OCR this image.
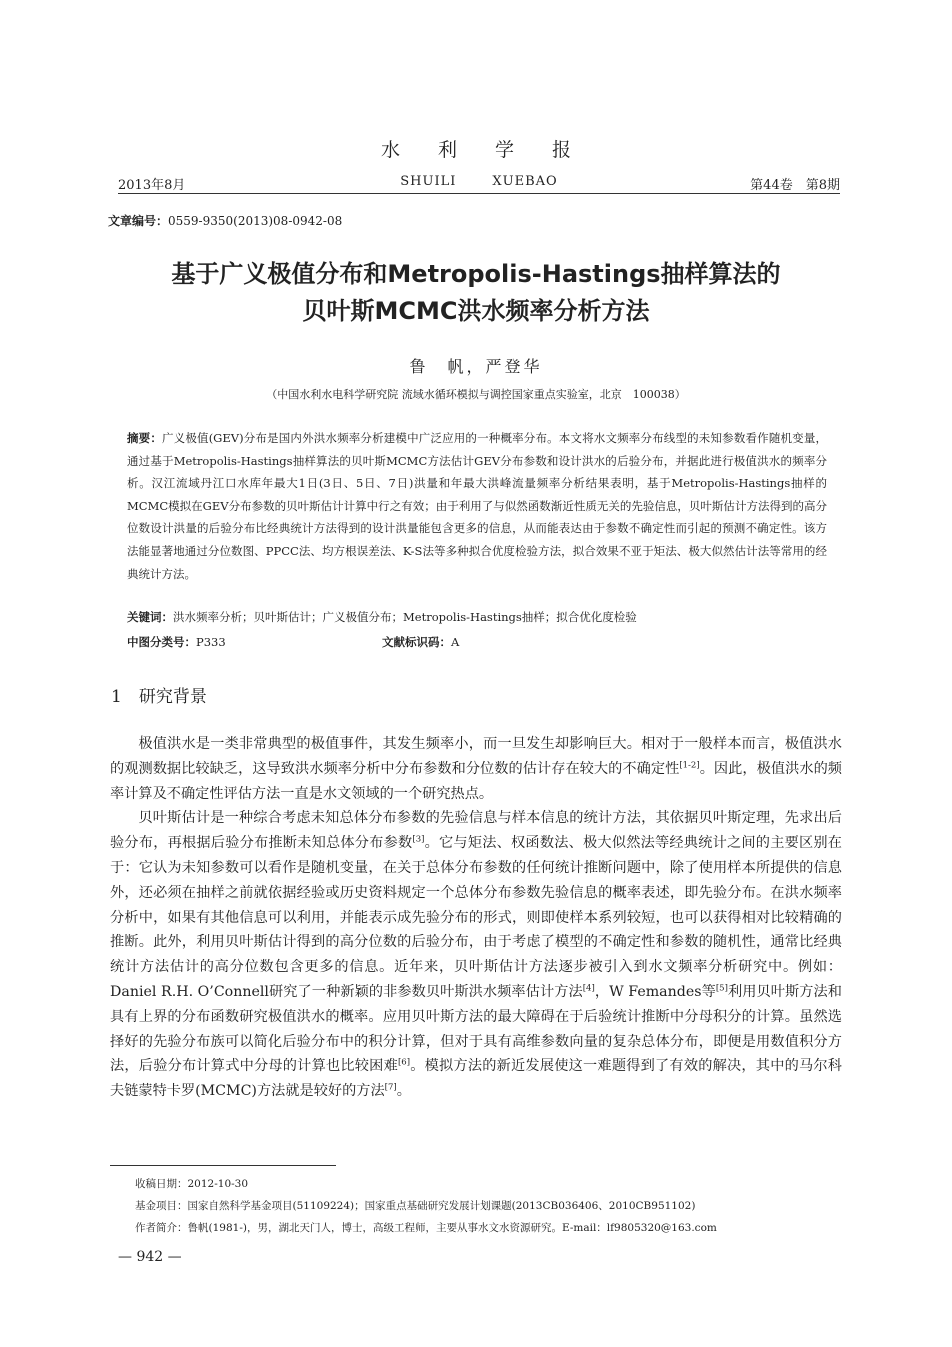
水利学报
2013年8月	SHUILI	XUEBAO	第44卷　第8期
文章编号：0559-9350(2013)08-0942-08
基于广义极值分布和Metropolis-Hastings抽样算法的
贝叶斯MCMC洪水频率分析方法
鲁　帆，严登华
（中国水利水电科学研究院 流域水循环模拟与调控国家重点实验室，北京　100038）
摘要：广义极值(GEV)分布是国内外洪水频率分析建模中广泛应用的一种概率分布。本文将水文频率分布线型的未知参数看作随机变量，通过基于Metropolis-Hastings抽样算法的贝叶斯MCMC方法估计GEV分布参数和设计洪水的后验分布，并据此进行极值洪水的频率分析。汉江流域丹江口水库年最大1日(3日、5日、7日)洪量和年最大洪峰流量频率分析结果表明，基于Metropolis-Hastings抽样的MCMC模拟在GEV分布参数的贝叶斯估计计算中行之有效；由于利用了与似然函数渐近性质无关的先验信息，贝叶斯估计方法得到的高分位数设计洪量的后验分布比经典统计方法得到的设计洪量能包含更多的信息，从而能表达由于参数不确定性而引起的预测不确定性。该方法能显著地通过分位数图、PPCC法、均方根误差法、K-S法等多种拟合优度检验方法，拟合效果不亚于矩法、极大似然估计法等常用的经典统计方法。
关键词：洪水频率分析；贝叶斯估计；广义极值分布；Metropolis-Hastings抽样；拟合优化度检验
中图分类号：P333	文献标识码：A
1　研究背景

极值洪水是一类非常典型的极值事件，其发生频率小，而一旦发生却影响巨大。相对于一般样本而言，极值洪水的观测数据比较缺乏，这导致洪水频率分析中分布参数和分位数的估计存在较大的不确定性[1-2]。因此，极值洪水的频率计算及不确定性评估方法一直是水文领域的一个研究热点。

贝叶斯估计是一种综合考虑未知总体分布参数的先验信息与样本信息的统计方法，其依据贝叶斯定理，先求出后验分布，再根据后验分布推断未知总体分布参数[3]。它与矩法、权函数法、极大似然法等经典统计之间的主要区别在于：它认为未知参数可以看作是随机变量，在关于总体分布参数的任何统计推断问题中，除了使用样本所提供的信息外，还必须在抽样之前就依据经验或历史资料规定一个总体分布参数先验信息的概率表述，即先验分布。在洪水频率分析中，如果有其他信息可以利用，并能表示成先验分布的形式，则即使样本系列较短，也可以获得相对比较精确的推断。此外，利用贝叶斯估计得到的高分位数的后验分布，由于考虑了模型的不确定性和参数的随机性，通常比经典统计方法估计的高分位数包含更多的信息。近年来，贝叶斯估计方法逐步被引入到水文频率分析研究中。例如：Daniel R.H. O’Connell研究了一种新颖的非参数贝叶斯洪水频率估计方法[4]，W Femandes等[5]利用贝叶斯方法和具有上界的分布函数研究极值洪水的概率。应用贝叶斯方法的最大障碍在于后验统计推断中分母积分的计算。虽然选择好的先验分布族可以简化后验分布中的积分计算，但对于具有高维参数向量的复杂总体分布，即便是用数值积分方法，后验分布计算式中分母的计算也比较困难[6]。模拟方法的新近发展使这一难题得到了有效的解决，其中的马尔科夫链蒙特卡罗(MCMC)方法就是较好的方法[7]。

收稿日期：2012-10-30
基金项目：国家自然科学基金项目(51109224)；国家重点基础研究发展计划课题(2013CB036406、2010CB951102)
作者简介：鲁帆(1981-)，男，湖北天门人，博士，高级工程师，主要从事水文水资源研究。E-mail：lf9805320@163.com
— 942 —
